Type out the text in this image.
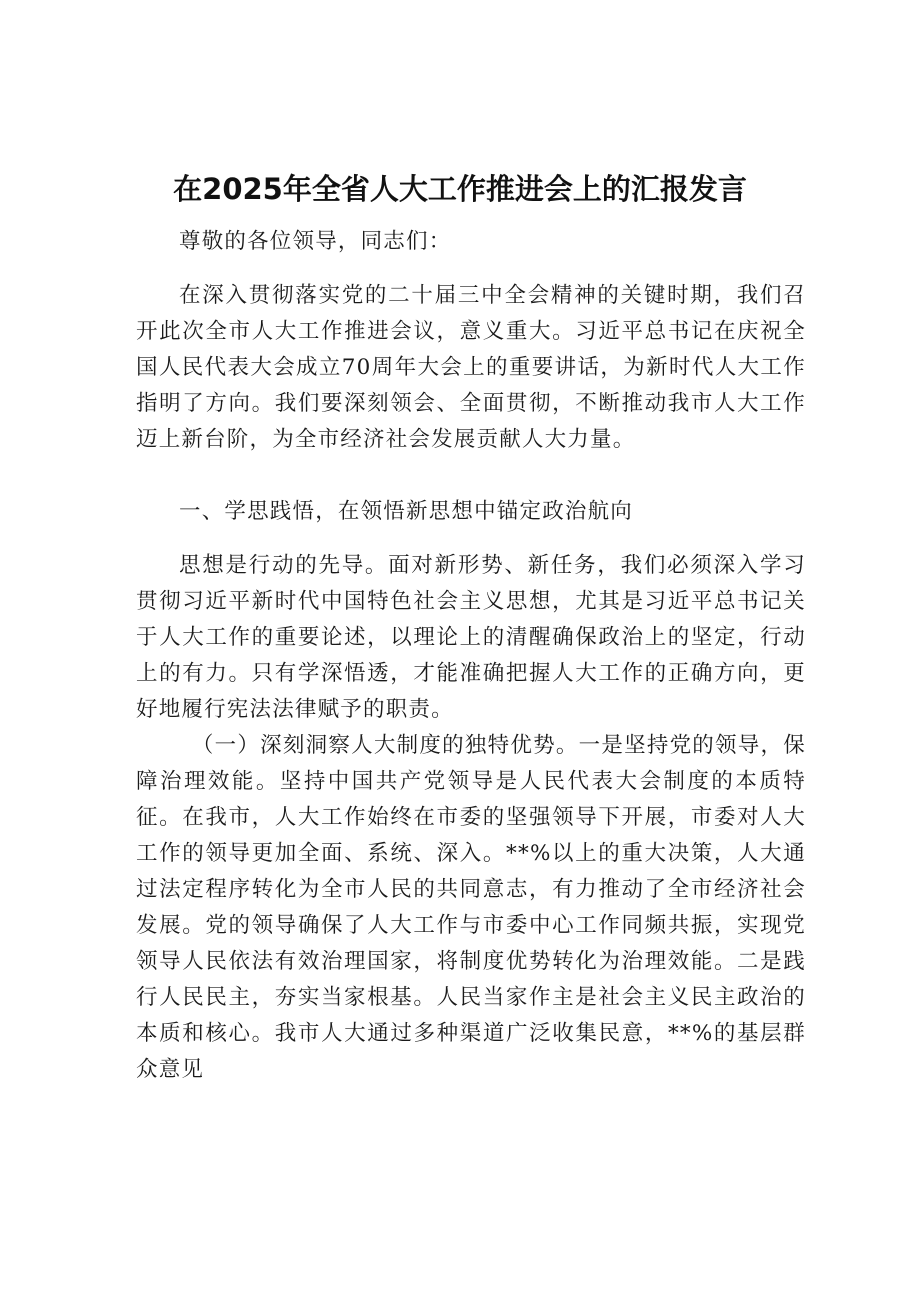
在2025年全省人大工作推进会上的汇报发言

尊敬的各位领导，同志们：

在深入贯彻落实党的二十届三中全会精神的关键时期，我们召开此次全市人大工作推进会议，意义重大。习近平总书记在庆祝全国人民代表大会成立70周年大会上的重要讲话，为新时代人大工作指明了方向。我们要深刻领会、全面贯彻，不断推动我市人大工作迈上新台阶，为全市经济社会发展贡献人大力量。

一、学思践悟，在领悟新思想中锚定政治航向

思想是行动的先导。面对新形势、新任务，我们必须深入学习贯彻习近平新时代中国特色社会主义思想，尤其是习近平总书记关于人大工作的重要论述，以理论上的清醒确保政治上的坚定，行动上的有力。只有学深悟透，才能准确把握人大工作的正确方向，更好地履行宪法法律赋予的职责。

（一）深刻洞察人大制度的独特优势。一是坚持党的领导，保障治理效能。坚持中国共产党领导是人民代表大会制度的本质特征。在我市，人大工作始终在市委的坚强领导下开展，市委对人大工作的领导更加全面、系统、深入。**%以上的重大决策，人大通过法定程序转化为全市人民的共同意志，有力推动了全市经济社会发展。党的领导确保了人大工作与市委中心工作同频共振，实现党领导人民依法有效治理国家，将制度优势转化为治理效能。二是践行人民民主，夯实当家根基。人民当家作主是社会主义民主政治的本质和核心。我市人大通过多种渠道广泛收集民意，**%的基层群众意见
